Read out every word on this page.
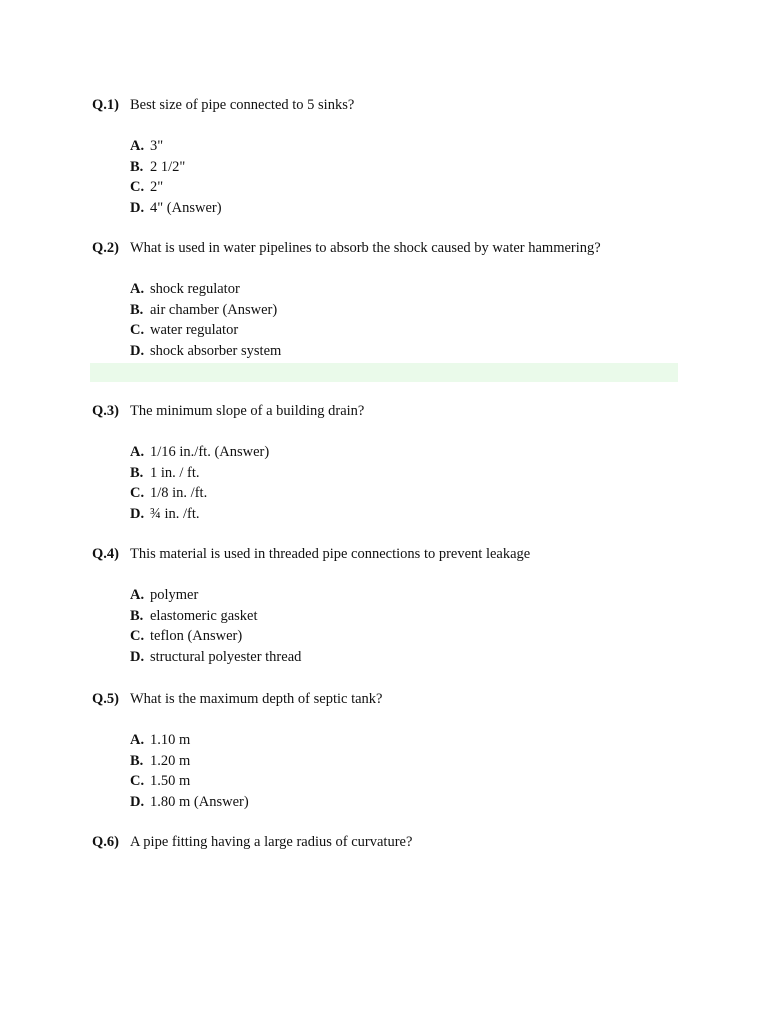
Q.1) Best size of pipe connected to 5 sinks?
A. 3"
B. 2 1/2"
C. 2"
D. 4" (Answer)
Q.2) What is used in water pipelines to absorb the shock caused by water hammering?
A. shock regulator
B. air chamber (Answer)
C. water regulator
D. shock absorber system
Q.3) The minimum slope of a building drain?
A. 1/16 in./ft. (Answer)
B. 1 in. / ft.
C. 1/8 in. /ft.
D. ¾ in. /ft.
Q.4) This material is used in threaded pipe connections to prevent leakage
A. polymer
B. elastomeric gasket
C. teflon (Answer)
D. structural polyester thread
Q.5) What is the maximum depth of septic tank?
A. 1.10 m
B. 1.20 m
C. 1.50 m
D. 1.80 m (Answer)
Q.6) A pipe fitting having a large radius of curvature?
